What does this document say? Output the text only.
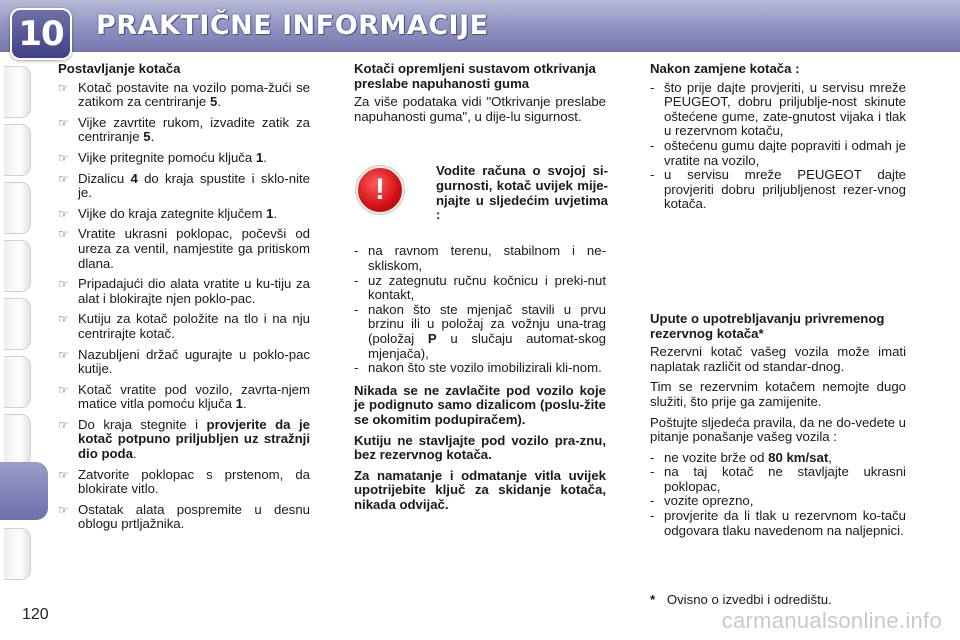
10 PRAKTIČNE INFORMACIJE
Postavljanje kotača
☞ Kotač postavite na vozilo poma-žući se zatikom za centriranje 5.
☞ Vijke zavrtite rukom, izvadite zatik za centriranje 5.
☞ Vijke pritegnite pomoću ključa 1.
☞ Dizalicu 4 do kraja spustite i sklo-nite je.
☞ Vijke do kraja zategnite ključem 1.
☞ Vratite ukrasni poklopac, počevši od ureza za ventil, namjestite ga pritiskom dlana.
☞ Pripadajući dio alata vratite u ku-tiju za alat i blokirajte njen poklo-pac.
☞ Kutiju za kotač položite na tlo i na nju centrirajte kotač.
☞ Nazubljeni držač ugurajte u poklo-pac kutije.
☞ Kotač vratite pod vozilo, zavrta-njem matice vitla pomoću ključa 1.
☞ Do kraja stegnite i provjerite da je kotač potpuno priljubljen uz stražnji dio poda.
☞ Zatvorite poklopac s prstenom, da blokirate vitlo.
☞ Ostatak alata pospremite u desnu oblogu prtljažnika.
Kotači opremljeni sustavom otkrivanja preslabe napuhanosti guma
Za više podataka vidi "Otkrivanje preslabe napuhanosti guma", u dije-lu sigurnost.
!
Vodite računa o svojoj si-gurnosti, kotač uvijek mije-njajte u sljedećim uvjetima :
- na ravnom terenu, stabilnom i ne-skliskom,
- uz zategnutu ručnu kočnicu i preki-nut kontakt,
- nakon što ste mjenjač stavili u prvu brzinu ili u položaj za vožnju una-trag (položaj P u slučaju automat-skog mjenjača),
- nakon što ste vozilo imobilizirali kli-nom.
Nikada se ne zavlačite pod vozilo koje je podignuto samo dizalicom (poslu-žite se okomitim podupiračem).
Kutiju ne stavljajte pod vozilo pra-znu, bez rezervnog kotača.
Za namatanje i odmatanje vitla uvijek upotrijebite ključ za skidanje kotača, nikada odvijač.
Nakon zamjene kotača :
- što prije dajte provjeriti, u servisu mreže PEUGEOT, dobru priljublje-nost skinute oštećene gume, zate-gnutost vijaka i tlak u rezervnom kotaču,
- oštećenu gumu dajte popraviti i odmah je vratite na vozilo,
- u servisu mreže PEUGEOT dajte provjeriti dobru priljubljenost rezer-vnog kotača.
Upute o upotrebljavanju privremenog rezervnog kotača*
Rezervni kotač vašeg vozila može imati naplatak različit od standar-dnog.
Tim se rezervnim kotačem nemojte dugo služiti, što prije ga zamijenite.
Poštujte sljedeća pravila, da ne do-vedete u pitanje ponašanje vašeg vozila :
- ne vozite brže od 80 km/sat,
- na taj kotač ne stavljajte ukrasni poklopac,
- vozite oprezno,
- provjerite da li tlak u rezervnom ko-taču odgovara tlaku navedenom na naljepnici.
* Ovisno o izvedbi i odredištu.
120	carmanualsonline.info
